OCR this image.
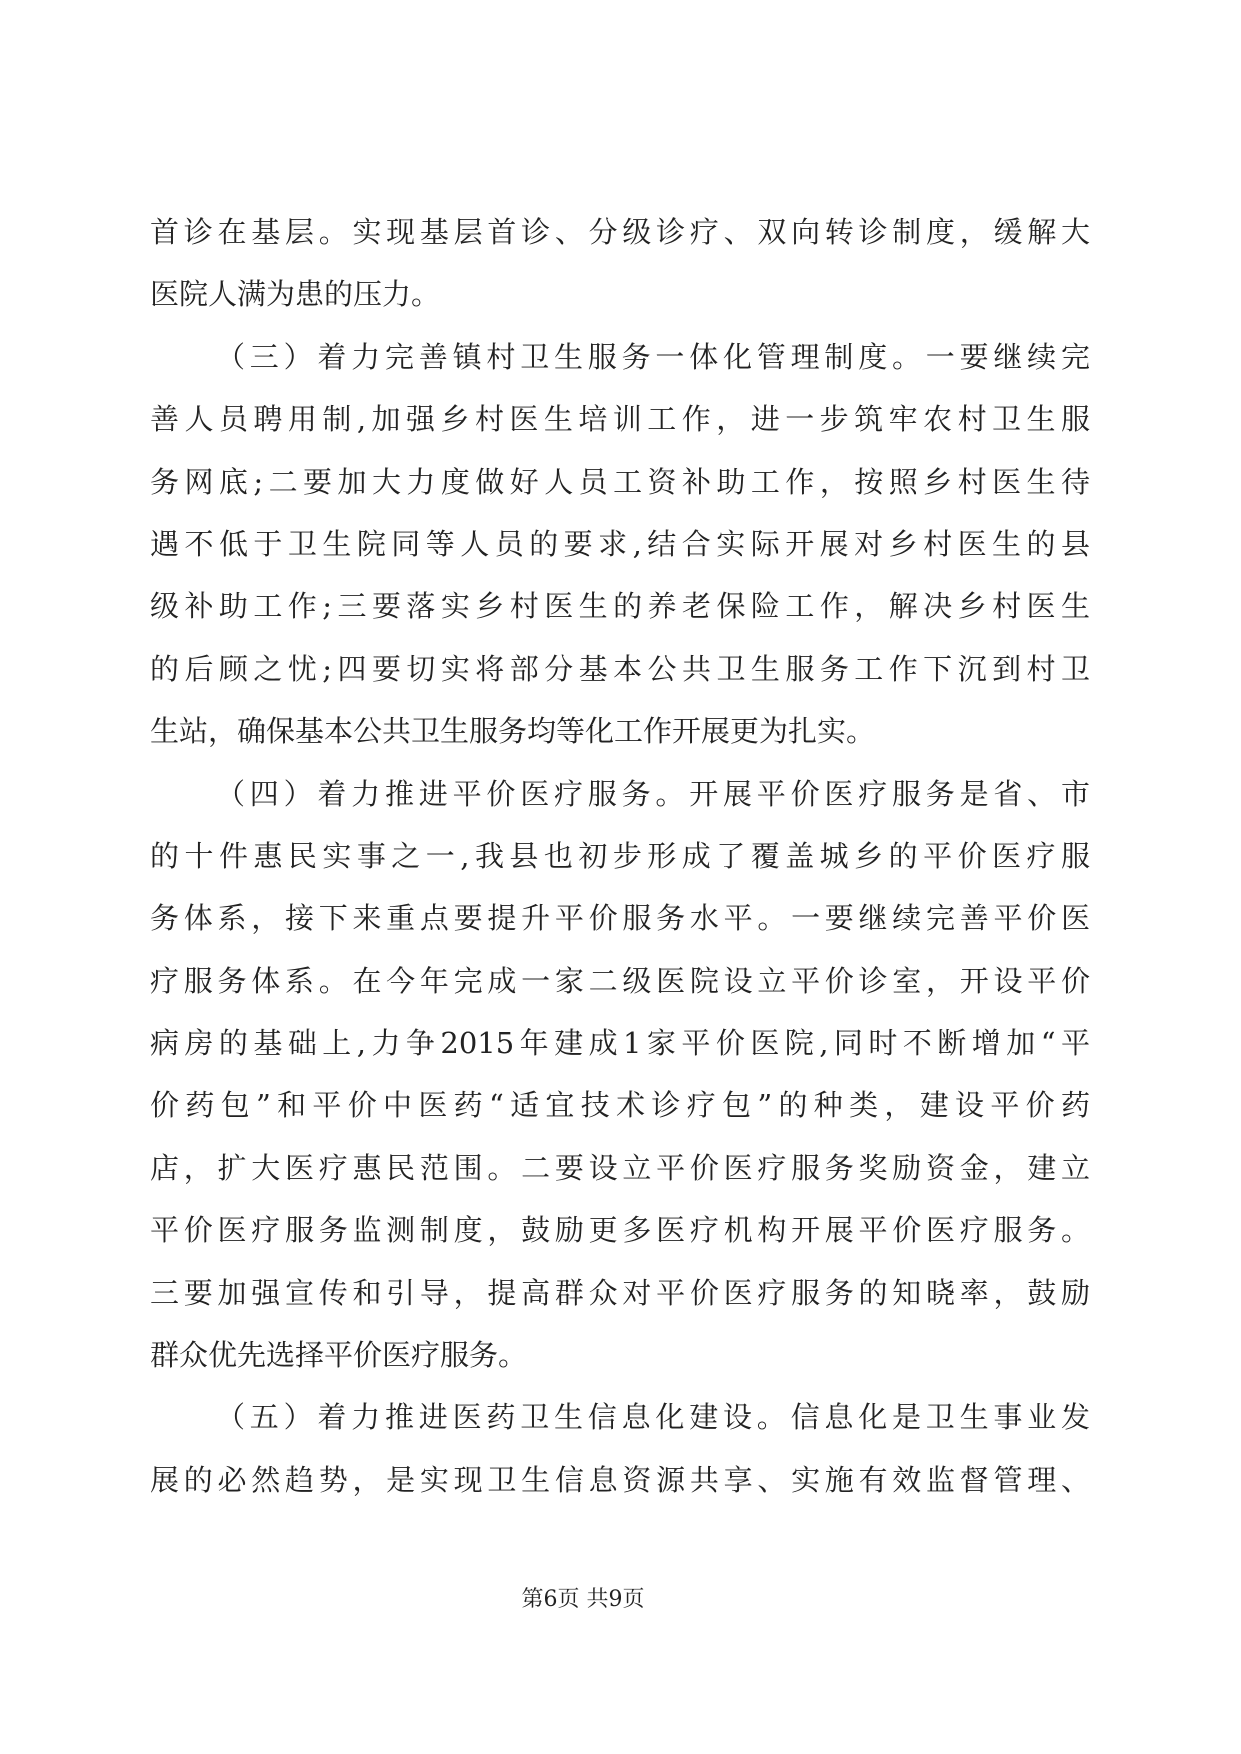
首诊在基层。实现基层首诊、分级诊疗、双向转诊制度，缓解大
医院人满为患的压力。
（三）着力完善镇村卫生服务一体化管理制度。一要继续完
善人员聘用制,加强乡村医生培训工作，进一步筑牢农村卫生服
务网底;二要加大力度做好人员工资补助工作，按照乡村医生待
遇不低于卫生院同等人员的要求,结合实际开展对乡村医生的县
级补助工作;三要落实乡村医生的养老保险工作，解决乡村医生
的后顾之忧;四要切实将部分基本公共卫生服务工作下沉到村卫
生站，确保基本公共卫生服务均等化工作开展更为扎实。
（四）着力推进平价医疗服务。开展平价医疗服务是省、市
的十件惠民实事之一,我县也初步形成了覆盖城乡的平价医疗服
务体系，接下来重点要提升平价服务水平。一要继续完善平价医
疗服务体系。在今年完成一家二级医院设立平价诊室，开设平价
病房的基础上,力争2015年建成1家平价医院,同时不断增加“平
价药包”和平价中医药“适宜技术诊疗包”的种类，建设平价药
店，扩大医疗惠民范围。二要设立平价医疗服务奖励资金，建立
平价医疗服务监测制度，鼓励更多医疗机构开展平价医疗服务。
三要加强宣传和引导，提高群众对平价医疗服务的知晓率，鼓励
群众优先选择平价医疗服务。
（五）着力推进医药卫生信息化建设。信息化是卫生事业发
展的必然趋势，是实现卫生信息资源共享、实施有效监督管理、
第6页 共9页
